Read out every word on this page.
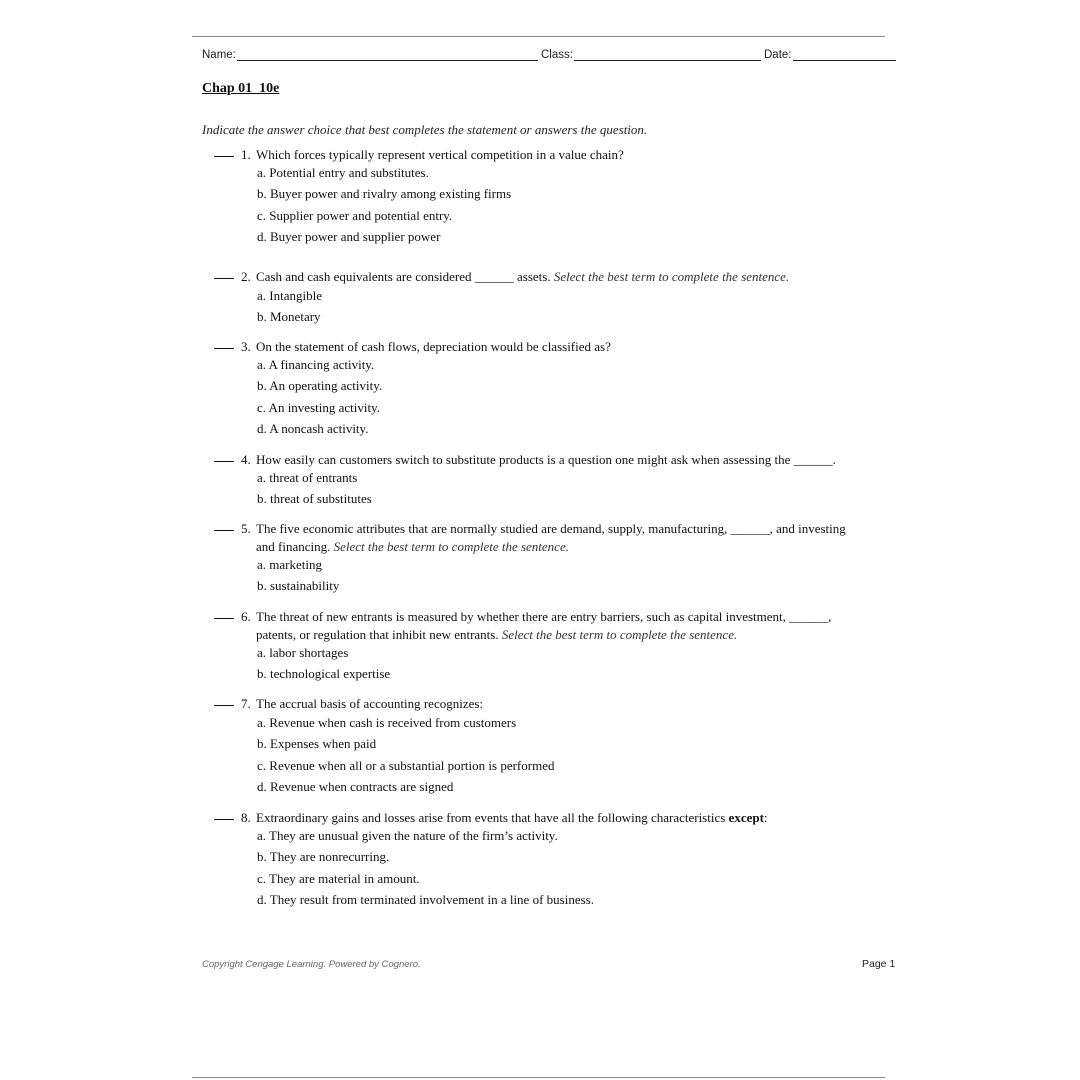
Name:	Class:	Date:
Chap 01_10e
Indicate the answer choice that best completes the statement or answers the question.
1. Which forces typically represent vertical competition in a value chain?
a. Potential entry and substitutes.
b. Buyer power and rivalry among existing firms
c. Supplier power and potential entry.
d. Buyer power and supplier power
2. Cash and cash equivalents are considered ______ assets. Select the best term to complete the sentence.
a. Intangible
b. Monetary
3. On the statement of cash flows, depreciation would be classified as?
a. A financing activity.
b. An operating activity.
c. An investing activity.
d. A noncash activity.
4. How easily can customers switch to substitute products is a question one might ask when assessing the ______.
a. threat of entrants
b. threat of substitutes
5. The five economic attributes that are normally studied are demand, supply, manufacturing, ______, and investing
and financing. Select the best term to complete the sentence.
a. marketing
b. sustainability
6. The threat of new entrants is measured by whether there are entry barriers, such as capital investment, ______,
patents, or regulation that inhibit new entrants. Select the best term to complete the sentence.
a. labor shortages
b. technological expertise
7. The accrual basis of accounting recognizes:
a. Revenue when cash is received from customers
b. Expenses when paid
c. Revenue when all or a substantial portion is performed
d. Revenue when contracts are signed
8. Extraordinary gains and losses arise from events that have all the following characteristics except:
a. They are unusual given the nature of the firm’s activity.
b. They are nonrecurring.
c. They are material in amount.
d. They result from terminated involvement in a line of business.
Copyright Cengage Learning. Powered by Cognero.	Page 1
